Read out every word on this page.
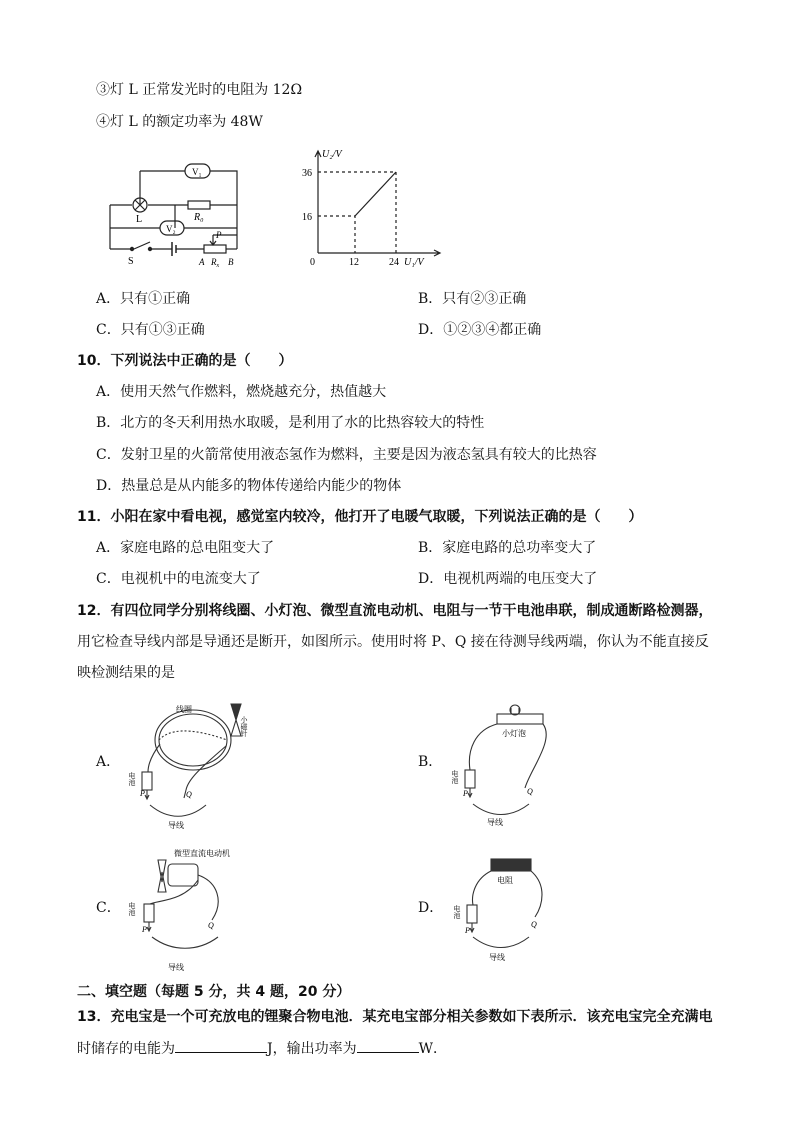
③灯 L 正常发光时的电阻为 12Ω
④灯 L 的额定功率为 48W
V₁
V₂
L	R₀
S
P
A $R_x$ B
U₂/V
36
16
0	12	24 U₁/V
A．只有①正确	B．只有②③正确
C．只有①③正确	D．①②③④都正确
10．下列说法中正确的是（　　）
A．使用天然气作燃料，燃烧越充分，热值越大
B．北方的冬天利用热水取暖，是利用了水的比热容较大的特性
C．发射卫星的火箭常使用液态氢作为燃料，主要是因为液态氢具有较大的比热容
D．热量总是从内能多的物体传递给内能少的物体
11．小阳在家中看电视，感觉室内较冷，他打开了电暖气取暖，下列说法正确的是（　　）
A．家庭电路的总电阻变大了	B．家庭电路的总功率变大了
C．电视机中的电流变大了	D．电视机两端的电压变大了
12．有四位同学分别将线圈、小灯泡、微型直流电动机、电阻与一节干电池串联，制成通断路检测器，
用它检查导线内部是导通还是断开，如图所示。使用时将 P、Q 接在待测导线两端，你认为不能直接反
映检测结果的是
A．	B．
C．	D．
线圈
小磁针
电池
P	Q
导线
小灯泡
电池
P	Q
导线
微型直流电动机
电池
P	Q
导线
电阻
电池
P
Q
导线
二、填空题（每题 5 分，共 4 题，20 分）
13．充电宝是一个可充放电的锂聚合物电池．某充电宝部分相关参数如下表所示．该充电宝完全充满电
时储存的电能为	J，输出功率为	W．
